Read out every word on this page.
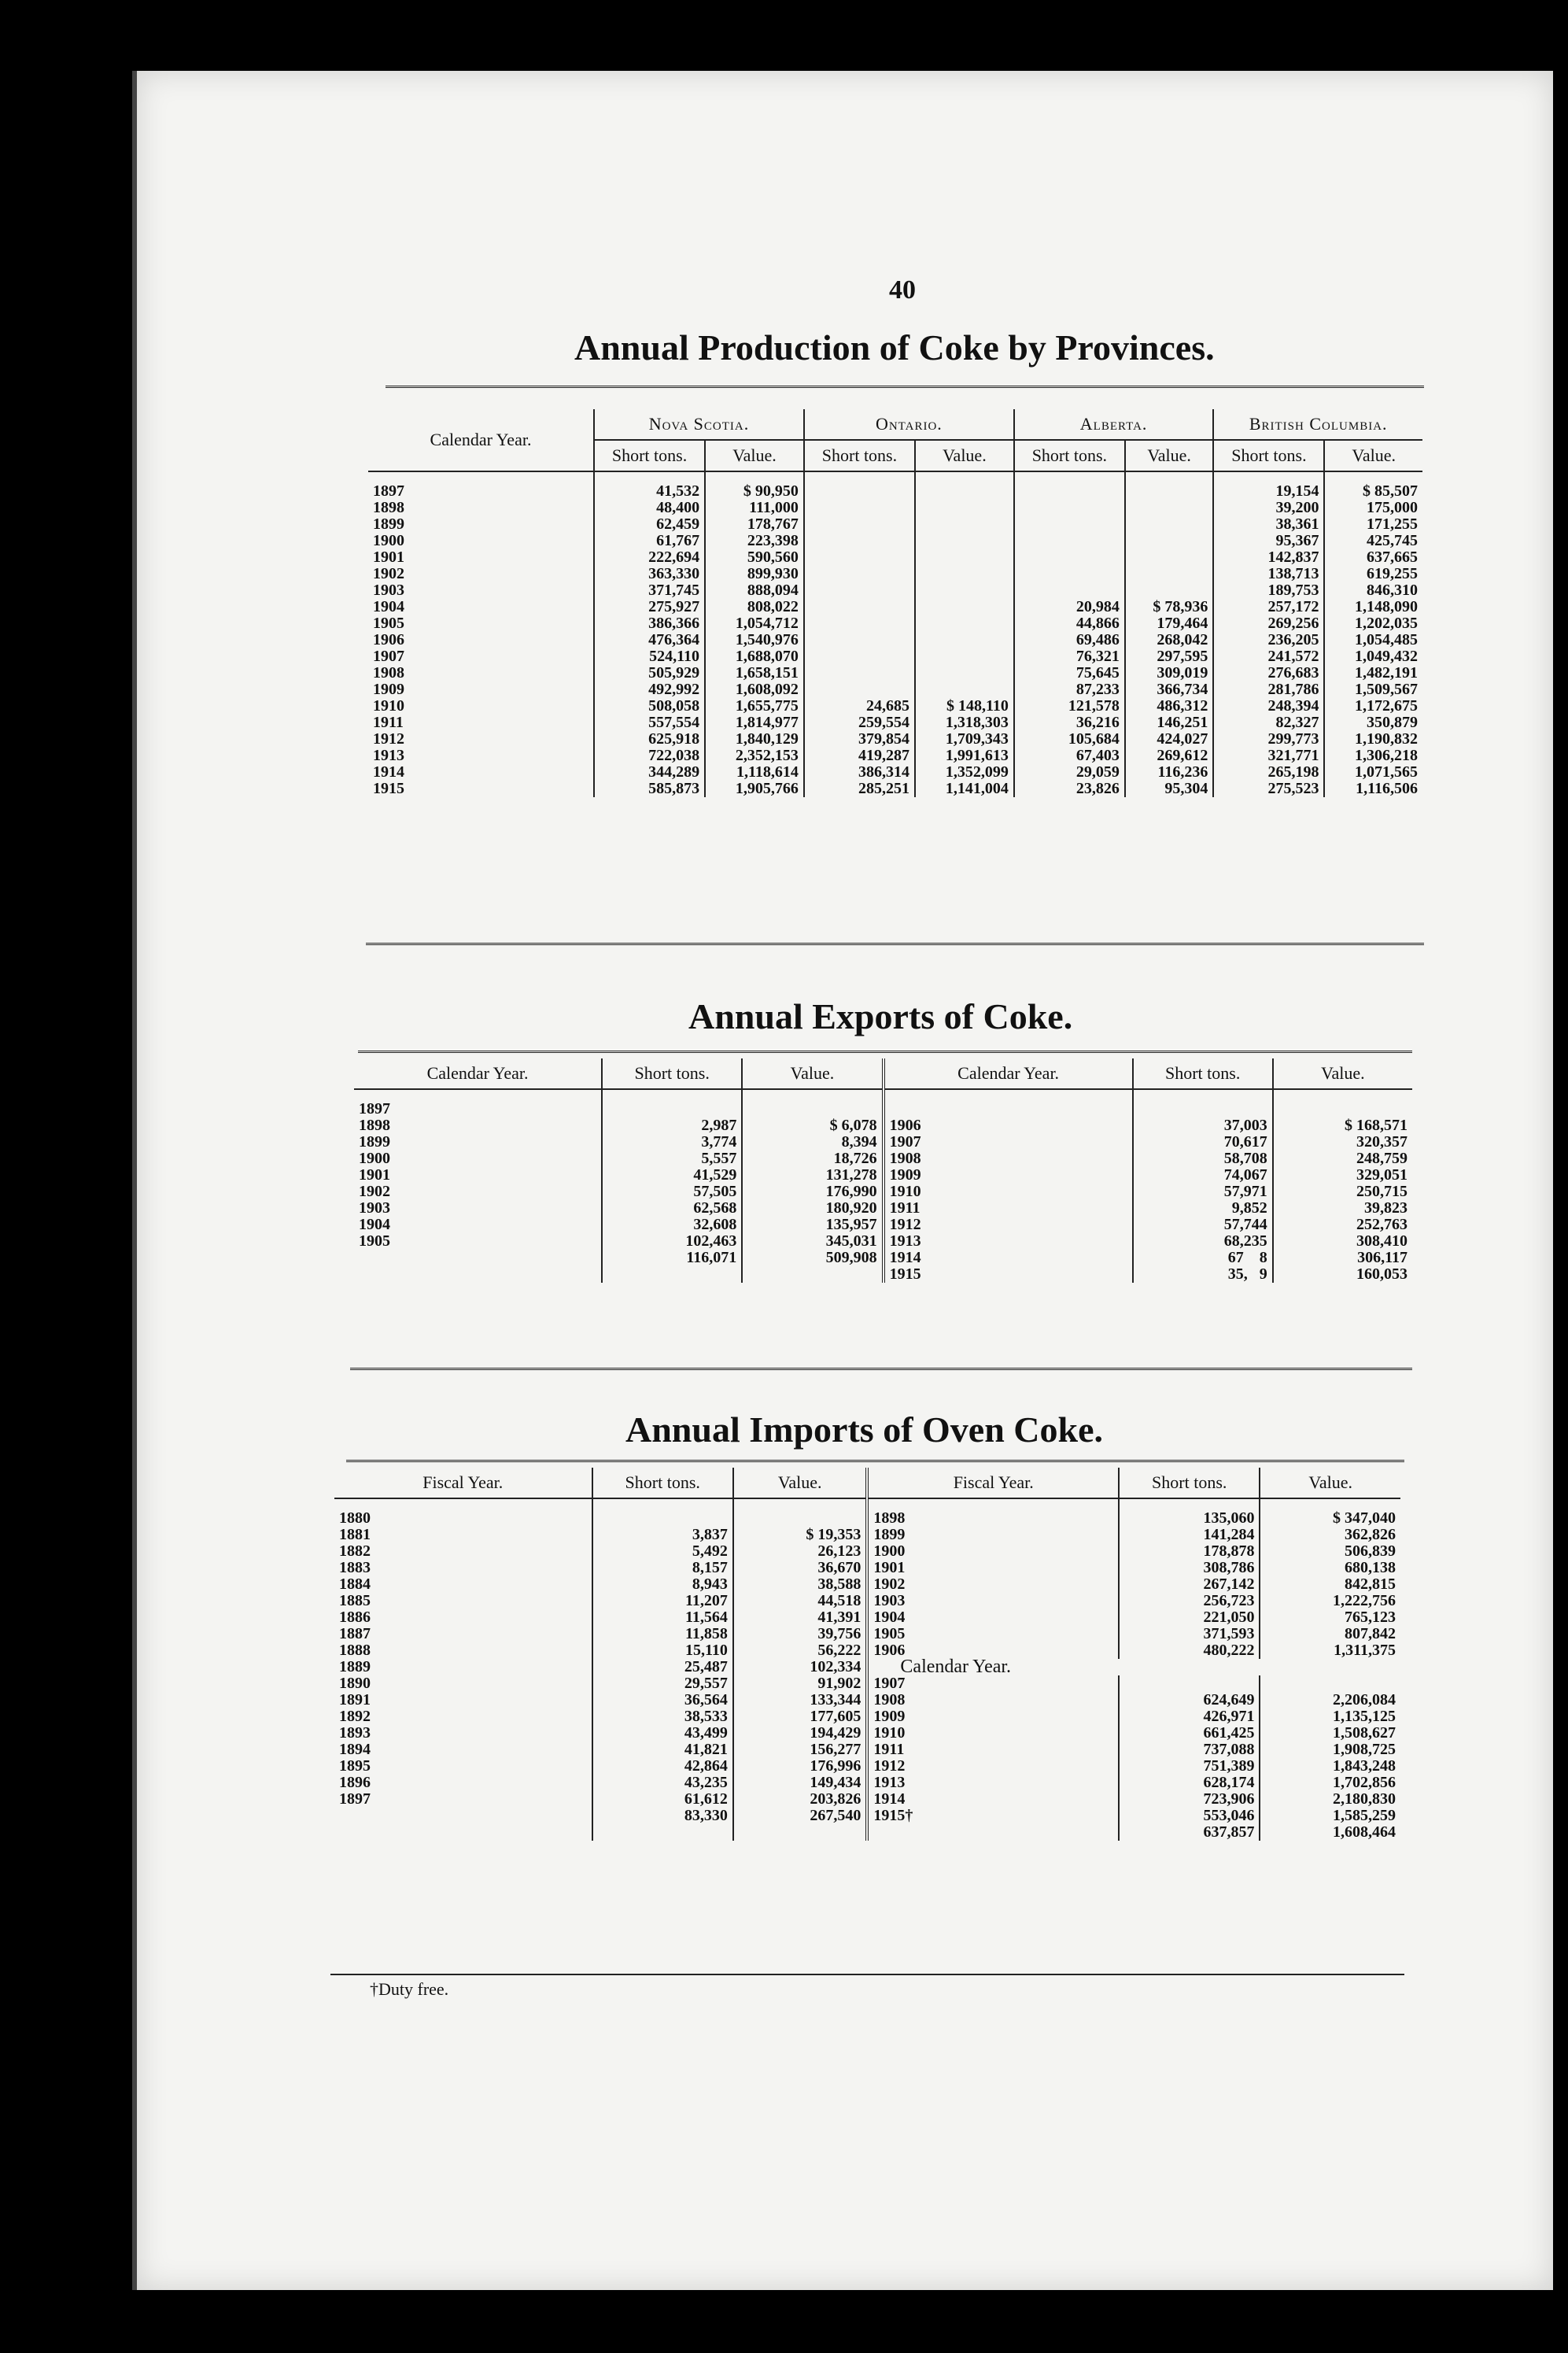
40
Annual Production of Coke by Provinces.
Calendar Year.	Nova Scotia.		Ontario.		Alberta.		British Columbia.	
	Short tons.	Value.	Short tons.	Value.	Short tons.	Value.	Short tons.	Value.
1897	41,532	$ 90,950					19,154	$ 85,507
1898	48,400	111,000					39,200	175,000
1899	62,459	178,767					38,361	171,255
1900	61,767	223,398					95,367	425,745
1901	222,694	590,560					142,837	637,665
1902	363,330	899,930					138,713	619,255
1903	371,745	888,094					189,753	846,310
1904	275,927	808,022			20,984	$ 78,936	257,172	1,148,090
1905	386,366	1,054,712			44,866	179,464	269,256	1,202,035
1906	476,364	1,540,976			69,486	268,042	236,205	1,054,485
1907	524,110	1,688,070			76,321	297,595	241,572	1,049,432
1908	505,929	1,658,151			75,645	309,019	276,683	1,482,191
1909	492,992	1,608,092			87,233	366,734	281,786	1,509,567
1910	508,058	1,655,775	24,685	$ 148,110	121,578	486,312	248,394	1,172,675
1911	557,554	1,814,977	259,554	1,318,303	36,216	146,251	82,327	350,879
1912	625,918	1,840,129	379,854	1,709,343	105,684	424,027	299,773	1,190,832
1913	722,038	2,352,153	419,287	1,991,613	67,403	269,612	321,771	1,306,218
1914	344,289	1,118,614	386,314	1,352,099	29,059	116,236	265,198	1,071,565
1915	585,873	1,905,766	285,251	1,141,004	23,826	95,304	275,523	1,116,506
Annual Exports of Coke.
Calendar Year.	Short tons.	Value.	Calendar Year.	Short tons.	Value.
1897					
1898	2,987	$ 6,078	1906	37,003	$ 168,571
1899	3,774	8,394	1907	70,617	320,357
1900	5,557	18,726	1908	58,708	248,759
1901	41,529	131,278	1909	74,067	329,051
1902	57,505	176,990	1910	57,971	250,715
1903	62,568	180,920	1911	9,852	39,823
1904	32,608	135,957	1912	57,744	252,763
1905	102,463	345,031	1913	68,235	308,410
	116,071	509,908	1914	67    8	306,117
			1915	35,   9	160,053
Annual Imports of Oven Coke.
Fiscal Year.	Short tons.	Value.	Fiscal Year.	Short tons.	Value.
1880			1898	135,060	$ 347,040
1881	3,837	$ 19,353	1899	141,284	362,826
1882	5,492	26,123	1900	178,878	506,839
1883	8,157	36,670	1901	308,786	680,138
1884	8,943	38,588	1902	267,142	842,815
1885	11,207	44,518	1903	256,723	1,222,756
1886	11,564	41,391	1904	221,050	765,123
1887	11,858	39,756	1905	371,593	807,842
1888	15,110	56,222	1906	480,222	1,311,375
1889	25,487	102,334	Calendar Year.		
1890	29,557	91,902	1907		
1891	36,564	133,344	1908	624,649	2,206,084
1892	38,533	177,605	1909	426,971	1,135,125
1893	43,499	194,429	1910	661,425	1,508,627
1894	41,821	156,277	1911	737,088	1,908,725
1895	42,864	176,996	1912	751,389	1,843,248
1896	43,235	149,434	1913	628,174	1,702,856
1897	61,612	203,826	1914	723,906	2,180,830
	83,330	267,540	1915†	553,046	1,585,259
				637,857	1,608,464
†Duty free.
